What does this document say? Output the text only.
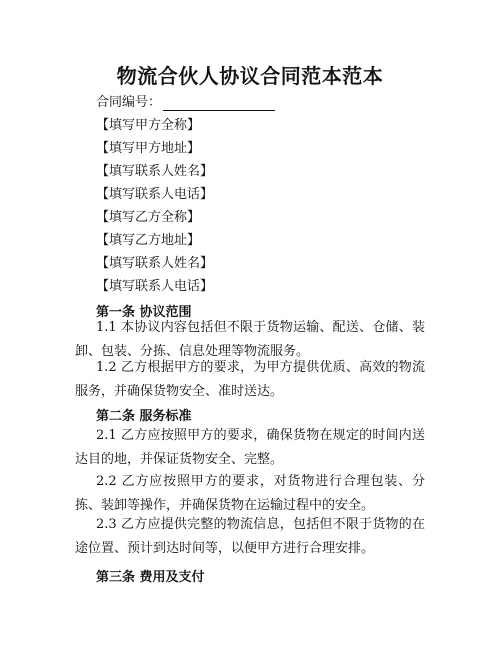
物流合伙人协议合同范本范本
合同编号：
【填写甲方全称】
【填写甲方地址】
【填写联系人姓名】
【填写联系人电话】
【填写乙方全称】
【填写乙方地址】
【填写联系人姓名】
【填写联系人电话】
第一条 协议范围
1.1 本协议内容包括但不限于货物运输、配送、仓储、装卸、包装、分拣、信息处理等物流服务。
1.2 乙方根据甲方的要求，为甲方提供优质、高效的物流服务，并确保货物安全、准时送达。
第二条 服务标准
2.1 乙方应按照甲方的要求，确保货物在规定的时间内送达目的地，并保证货物安全、完整。
2.2 乙方应按照甲方的要求，对货物进行合理包装、分拣、装卸等操作，并确保货物在运输过程中的安全。
2.3 乙方应提供完整的物流信息，包括但不限于货物的在途位置、预计到达时间等，以便甲方进行合理安排。
第三条 费用及支付
